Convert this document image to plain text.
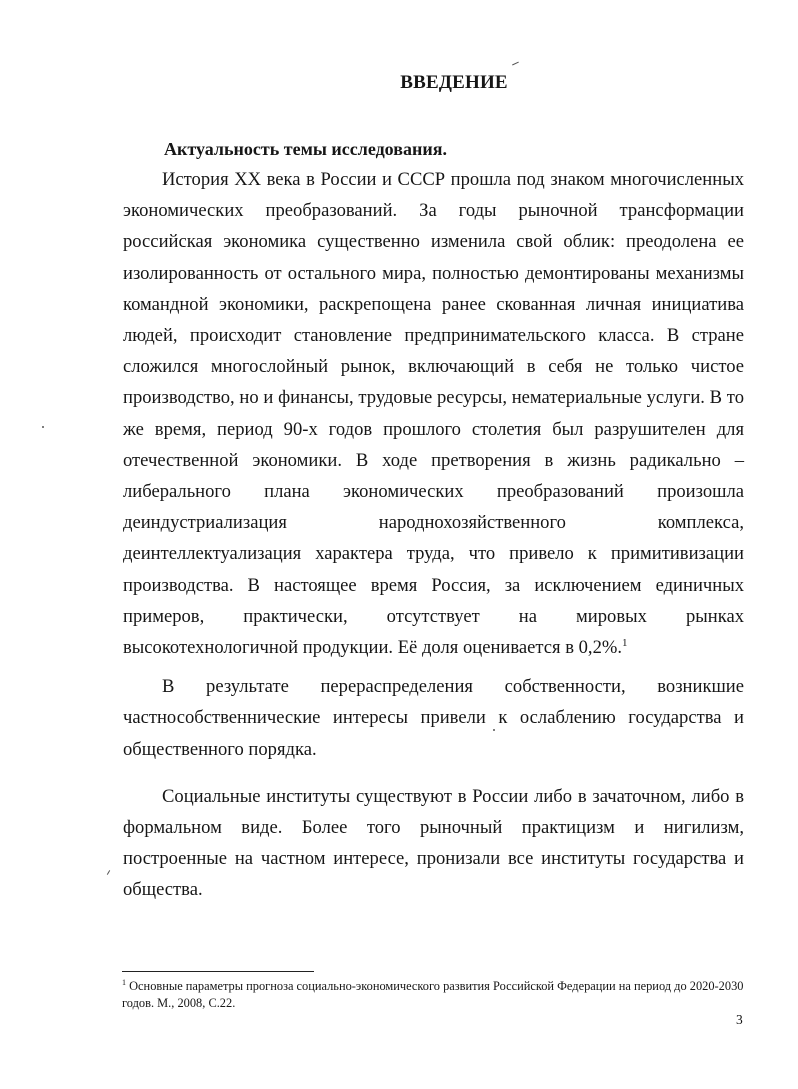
ВВЕДЕНИЕ
Актуальность темы исследования.

История XX века в России и СССР прошла под знаком многочисленных экономических преобразований. За годы рыночной трансформации российская экономика существенно изменила свой облик: преодолена ее изолированность от остального мира, полностью демонтированы механизмы командной экономики, раскрепощена ранее скованная личная инициатива людей, происходит становление предпринимательского класса. В стране сложился многослойный рынок, включающий в себя не только чистое производство, но и финансы, трудовые ресурсы, нематериальные услуги. В то же время, период 90-х годов прошлого столетия был разрушителен для отечественной экономики. В ходе претворения в жизнь радикально – либерального плана экономических преобразований произошла деиндустриализация народнохозяйственного комплекса, деинтеллектуализация характера труда, что привело к примитивизации производства. В настоящее время Россия, за исключением единичных примеров, практически, отсутствует на мировых рынках высокотехнологичной продукции. Её доля оценивается в 0,2%.$^1$

В результате перераспределения собственности, возникшие частнособственнические интересы привели к ослаблению государства и общественного порядка.

Социальные институты существуют в России либо в зачаточном, либо в формальном виде. Более того рыночный практицизм и нигилизм, построенные на частном интересе, пронизали все институты государства и общества.

$^1$ Основные параметры прогноза социально-экономического развития Российской Федерации на период до 2020-2030 годов. М., 2008, С.22.
3
